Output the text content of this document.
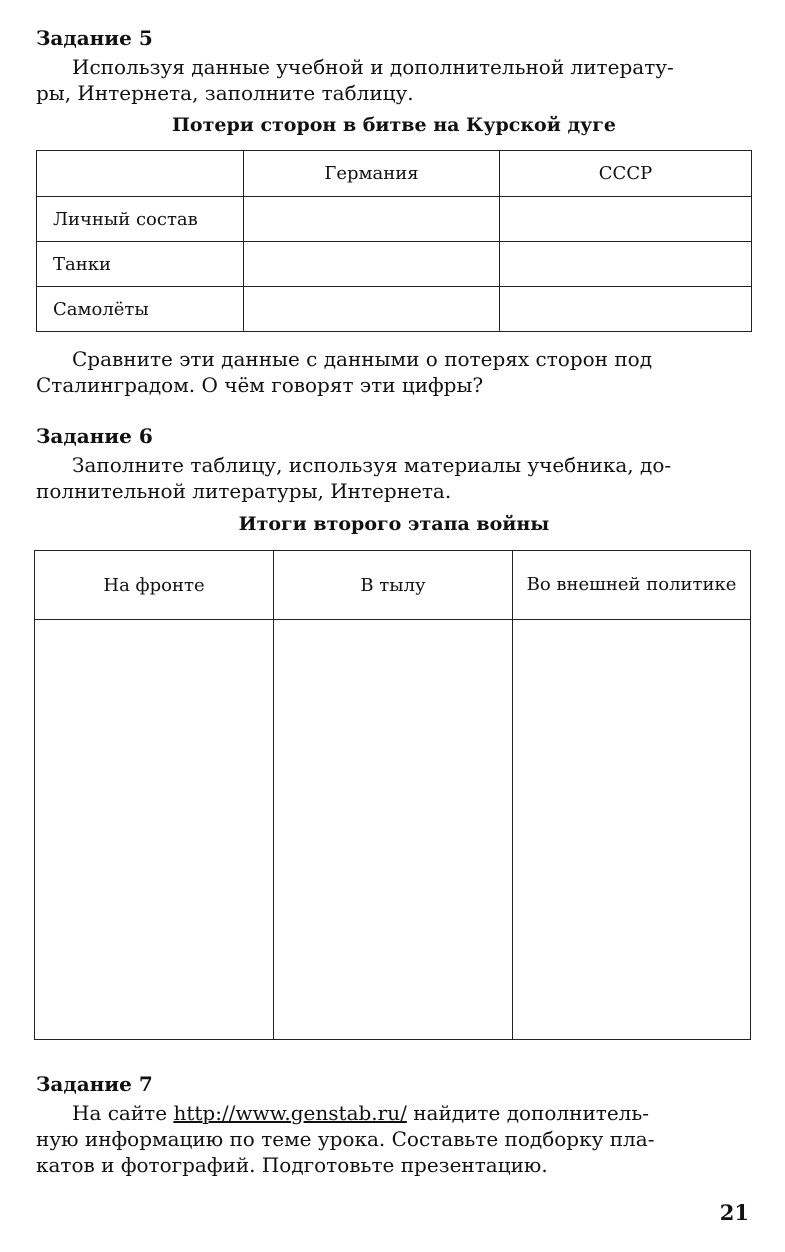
Задание 5
Используя данные учебной и дополнительной литерату-
ры, Интернета, заполните таблицу.
Потери сторон в битве на Курской дуге
	Германия	СССР
Личный состав		
Танки		
Самолёты		
Сравните эти данные с данными о потерях сторон под
Сталинградом. О чём говорят эти цифры?
Задание 6
Заполните таблицу, используя материалы учебника, до-
полнительной литературы, Интернета.
Итоги второго этапа войны
На фронте	В тылу	Во внешней политике

Задание 7
На сайте http://www.genstab.ru/ найдите дополнитель-
ную информацию по теме урока. Составьте подборку пла-
катов и фотографий. Подготовьте презентацию.
21
